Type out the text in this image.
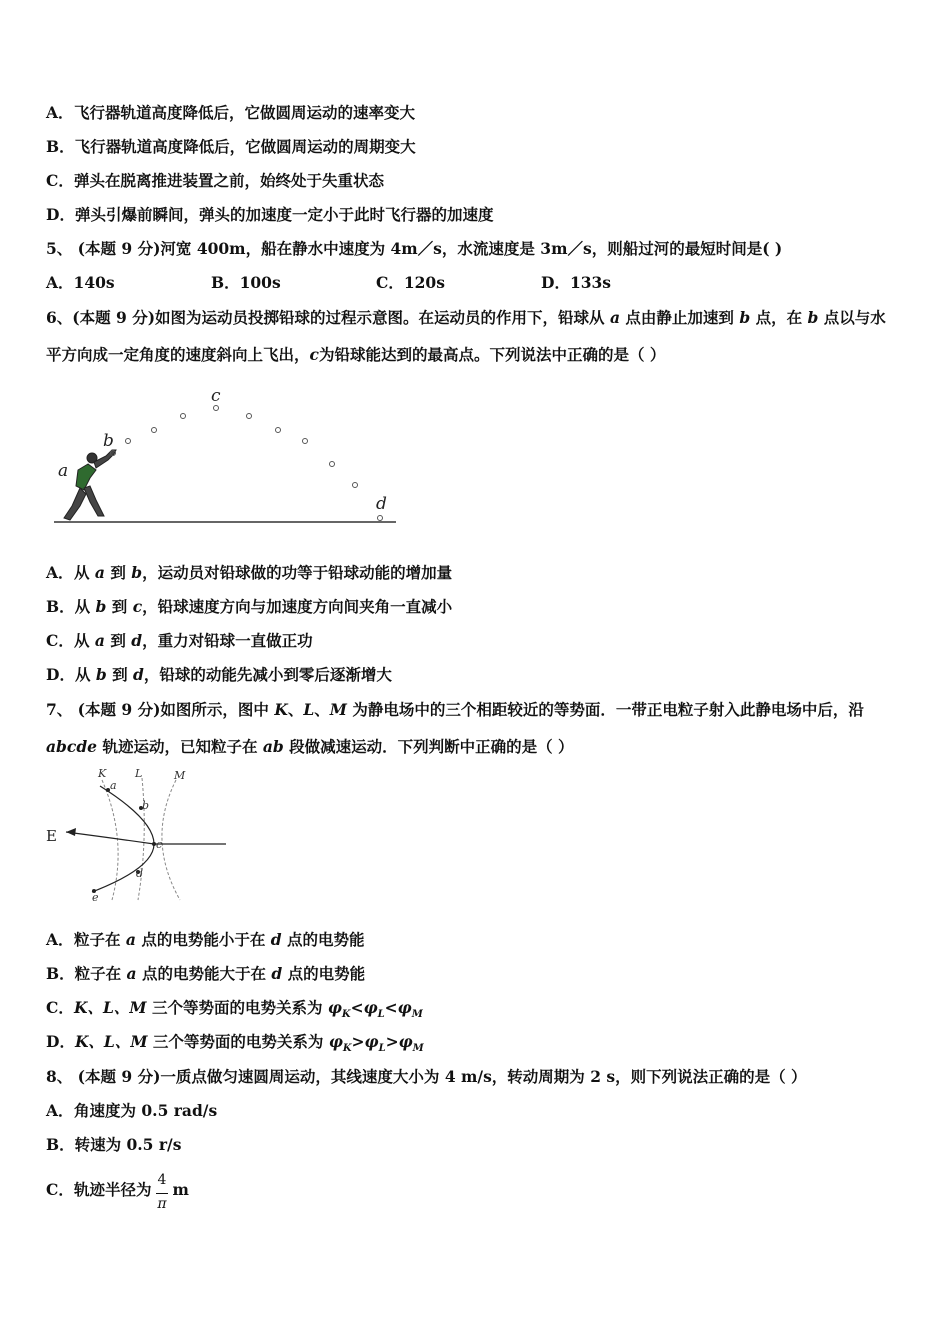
A．飞行器轨道高度降低后，它做圆周运动的速率变大
B．飞行器轨道高度降低后，它做圆周运动的周期变大
C．弹头在脱离推进装置之前，始终处于失重状态
D．弹头引爆前瞬间，弹头的加速度一定小于此时飞行器的加速度
5、 (本题 9 分)河宽 400m，船在静水中速度为 4m／s，水流速度是 3m／s，则船过河的最短时间是( )
A．140s	B．100s	C．120s	D．133s
6、(本题 9 分)如图为运动员投掷铅球的过程示意图。在运动员的作用下，铅球从 a 点由静止加速到 b 点，在 b 点以与水
平方向成一定角度的速度斜向上飞出，c为铅球能达到的最高点。下列说法中正确的是（ ）
a
b
c
d
A．从 a 到 b，运动员对铅球做的功等于铅球动能的增加量
B．从 b 到 c，铅球速度方向与加速度方向间夹角一直减小
C．从 a 到 d，重力对铅球一直做正功
D．从 b 到 d，铅球的动能先减小到零后逐渐增大
7、 (本题 9 分)如图所示，图中 K、L、M 为静电场中的三个相距较近的等势面．一带正电粒子射入此静电场中后，沿
abcde 轨迹运动，已知粒子在 ab 段做减速运动．下列判断中正确的是（ ）
K	L	M
a
b
c
d
e
E
A．粒子在 a 点的电势能小于在 d 点的电势能
B．粒子在 a 点的电势能大于在 d 点的电势能
C．K、L、M 三个等势面的电势关系为 $\varphi_K<\varphi_L<\varphi_M$
D．K、L、M 三个等势面的电势关系为 $\varphi_K>\varphi_L>\varphi_M$
8、 (本题 9 分)一质点做匀速圆周运动，其线速度大小为 4 m/s，转动周期为 2 s，则下列说法正确的是（ ）
A．角速度为 0.5 rad/s
B．转速为 0.5 r/s
C．轨迹半径为 $\frac{4}{\pi}$ m
